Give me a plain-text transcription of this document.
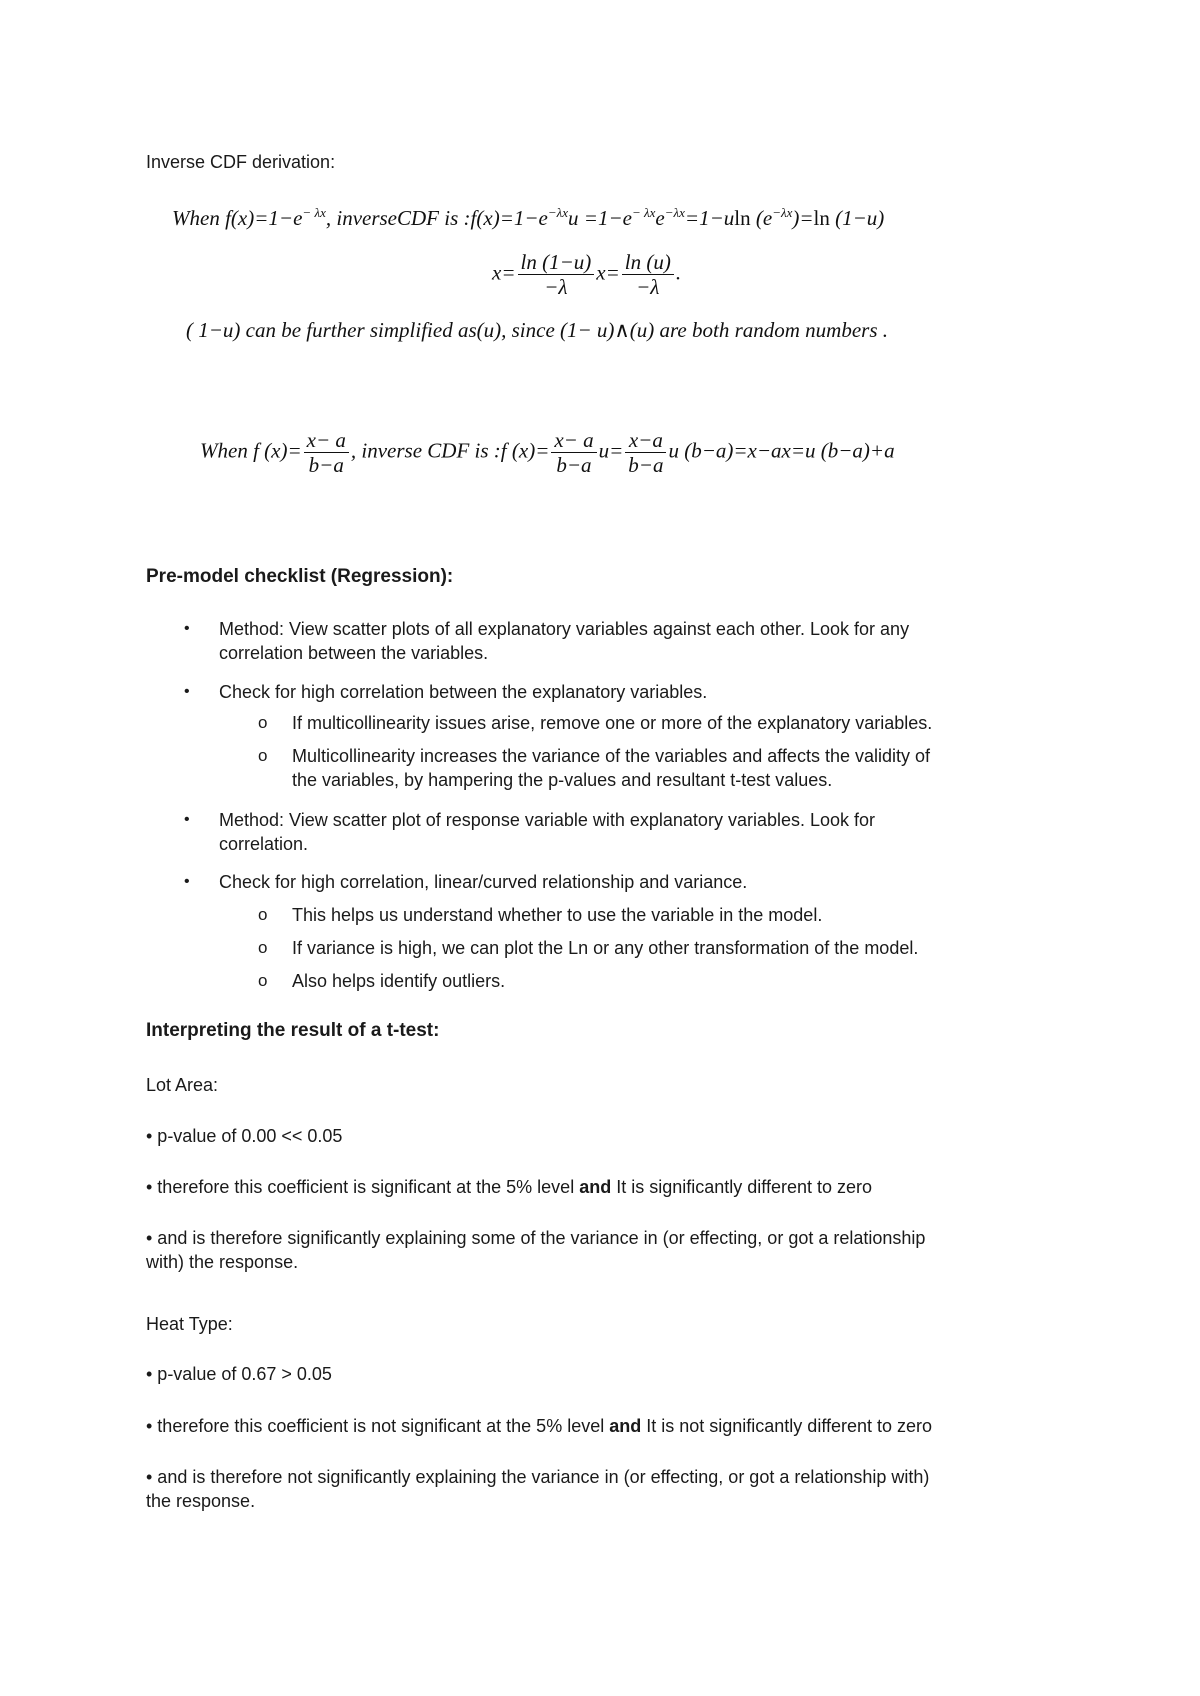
Inverse CDF derivation:
When $f(x)=1-e^{- \lambda x}$, inverseCDF is $:f(x)=1-e^{-\lambda x}u =1-e^{- \lambda x}e^{-\lambda x}=1-uln$ $(e^{-\lambda x})=\ln$ (1−u)
$x= \frac{\ln (1-u)}{-\lambda} x= \frac{\ln (u)}{-\lambda}$ .
( 1−u) can be further simplified as(u), since (1− u)∧(u) are both random numbers .
When f $(x)= \frac{x- a}{b-a}$ , inverse CDF is :f $(x)= \frac{x- a}{b-a} u= \frac{x-a}{b-a}$ u (b−a)=x−ax=u (b−a)+a
Pre-model checklist (Regression):
• Method: View scatter plots of all explanatory variables against each other. Look for any
correlation between the variables.
• Check for high correlation between the explanatory variables.
o If multicollinearity issues arise, remove one or more of the explanatory variables.
o Multicollinearity increases the variance of the variables and affects the validity of
the variables, by hampering the p-values and resultant t-test values.
• Method: View scatter plot of response variable with explanatory variables. Look for
correlation.
• Check for high correlation, linear/curved relationship and variance.
o This helps us understand whether to use the variable in the model.
o If variance is high, we can plot the Ln or any other transformation of the model.
o Also helps identify outliers.
Interpreting the result of a t-test:
Lot Area:
• p-value of 0.00 << 0.05
• therefore this coefficient is significant at the 5% level and It is significantly different to zero
• and is therefore significantly explaining some of the variance in (or effecting, or got a relationship
with) the response.
Heat Type:
• p-value of 0.67 > 0.05
• therefore this coefficient is not significant at the 5% level and It is not significantly different to zero
• and is therefore not significantly explaining the variance in (or effecting, or got a relationship with)
the response.
